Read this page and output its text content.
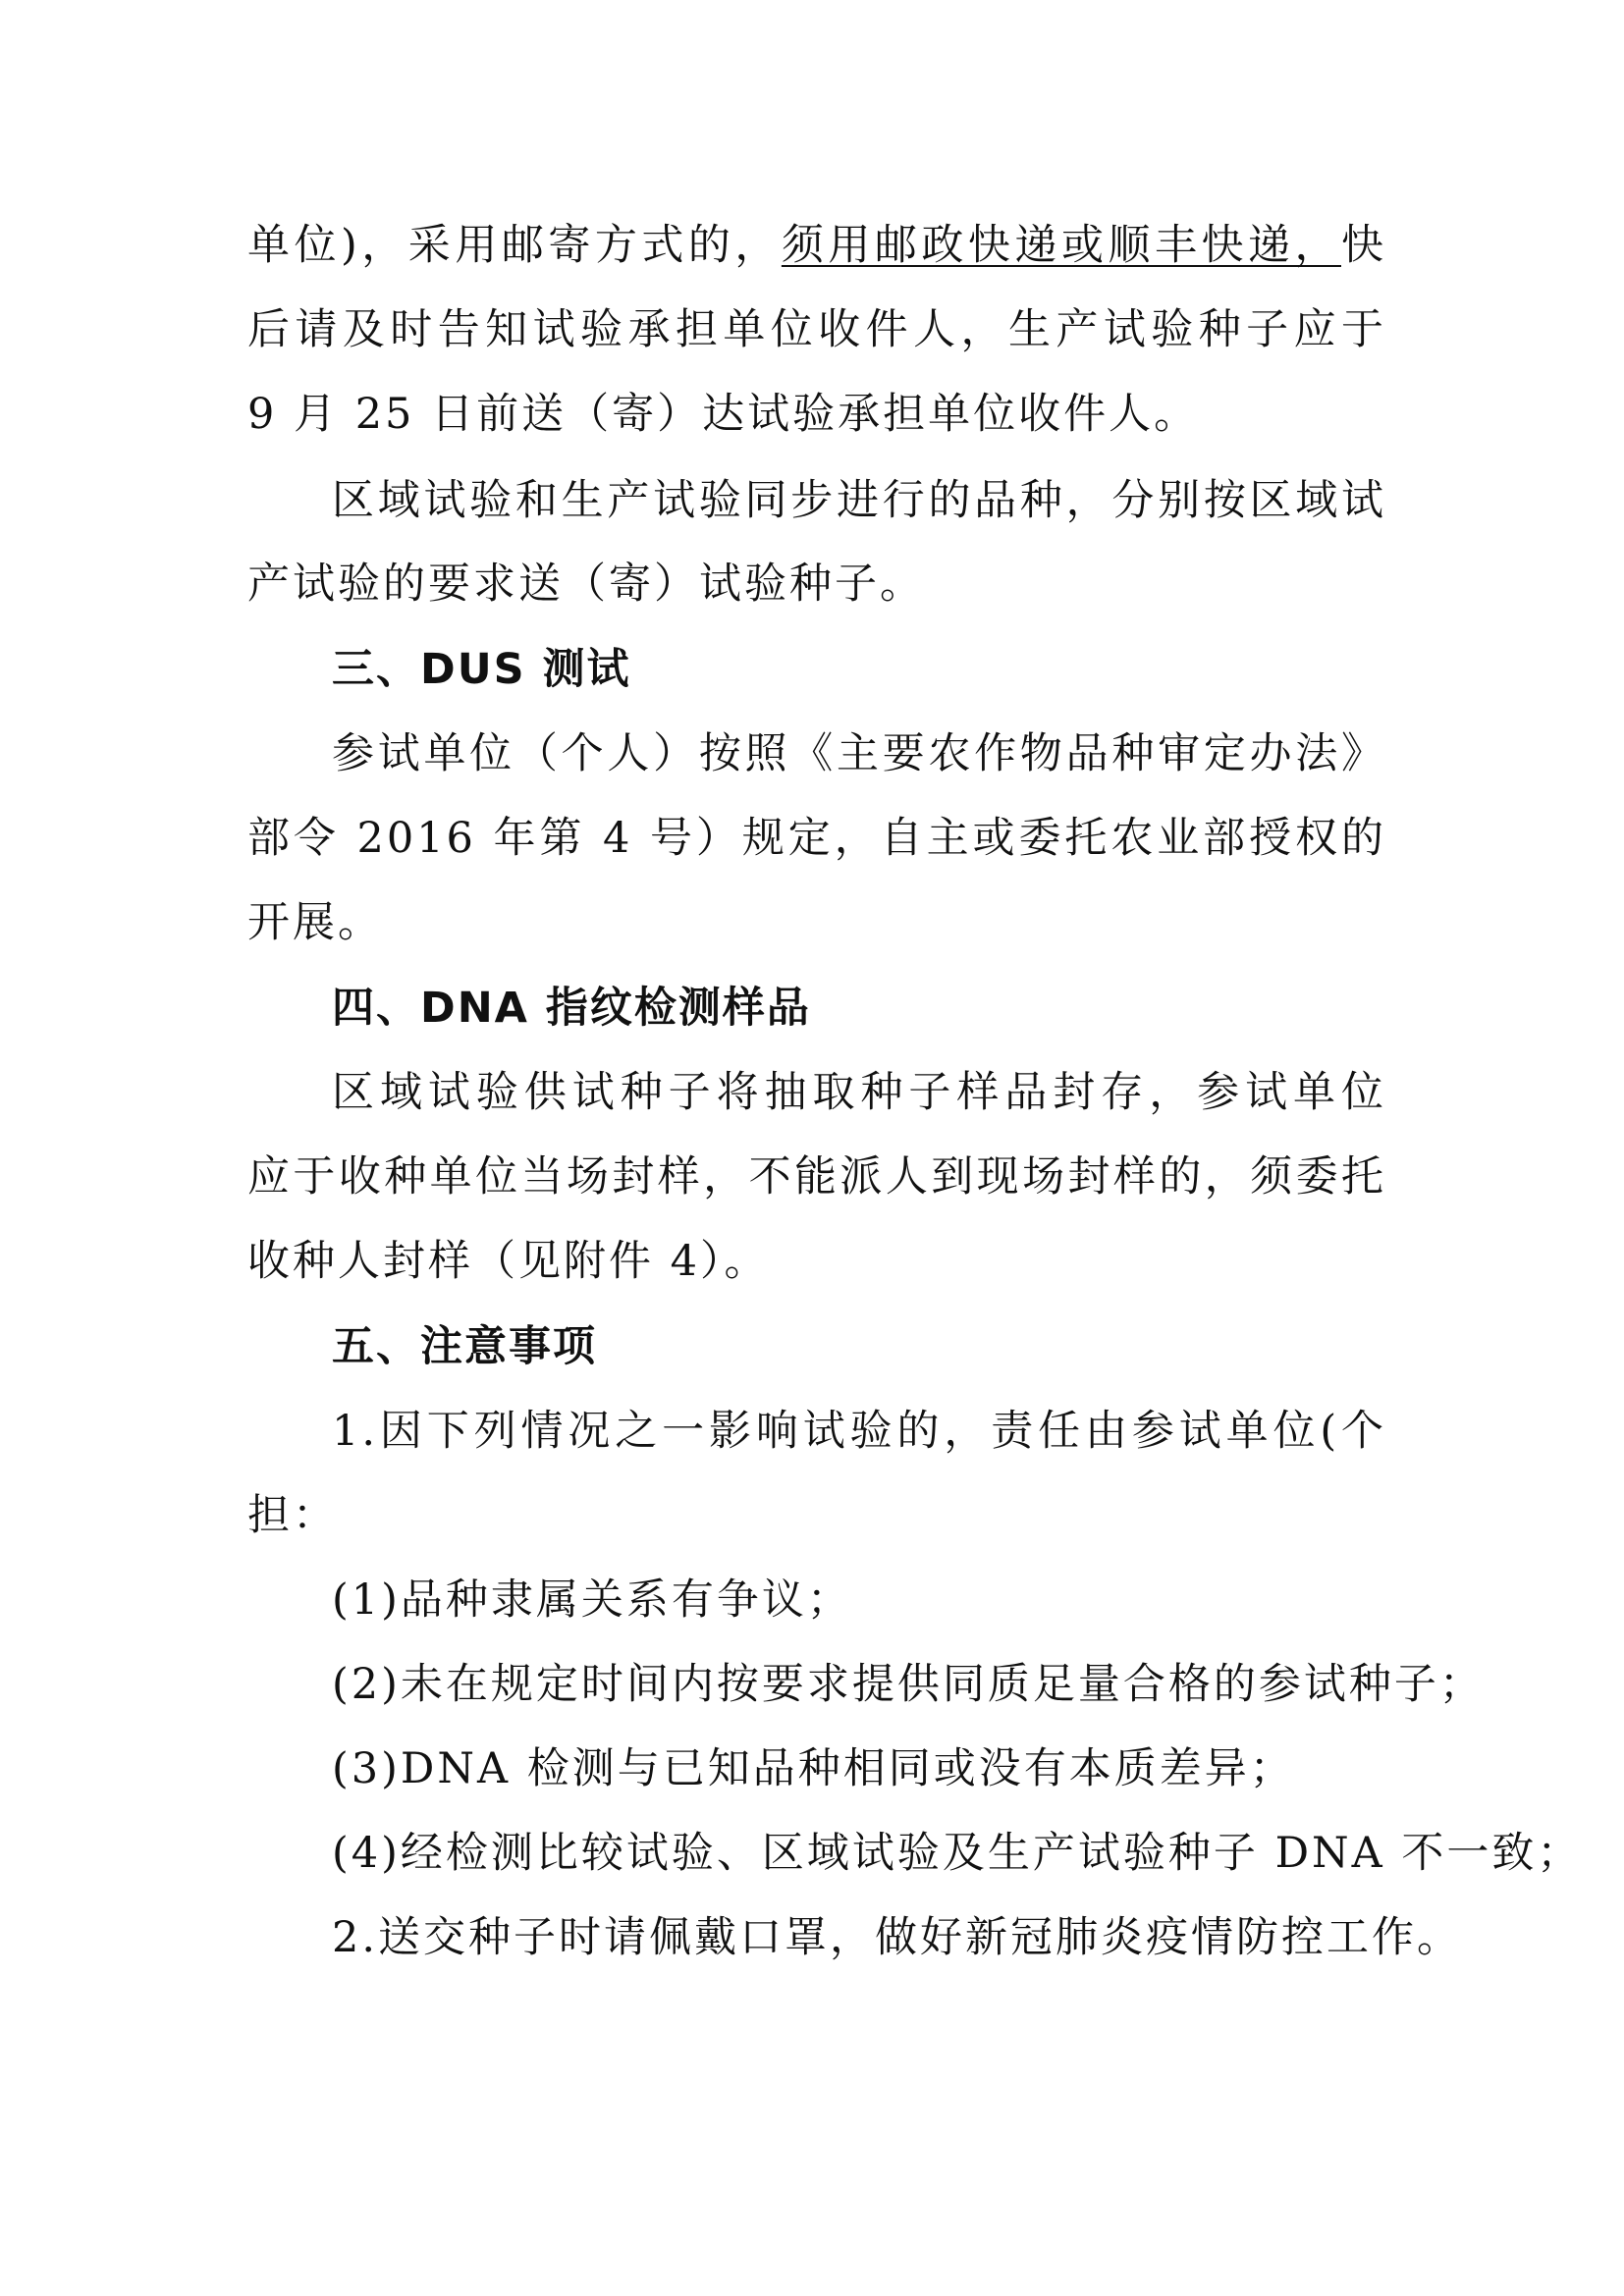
单位)，采用邮寄方式的，须用邮政快递或顺丰快递，快
后请及时告知试验承担单位收件人，生产试验种子应于
9 月 25 日前送（寄）达试验承担单位收件人。
区域试验和生产试验同步进行的品种，分别按区域试
产试验的要求送（寄）试验种子。
三、DUS 测试
参试单位（个人）按照《主要农作物品种审定办法》
部令 2016 年第 4 号）规定，自主或委托农业部授权的
开展。
四、DNA 指纹检测样品
区域试验供试种子将抽取种子样品封存，参试单位
应于收种单位当场封样，不能派人到现场封样的，须委托
收种人封样（见附件 4）。
五、注意事项
1.因下列情况之一影响试验的，责任由参试单位(个
担：
(1)品种隶属关系有争议；
(2)未在规定时间内按要求提供同质足量合格的参试种子；
(3)DNA 检测与已知品种相同或没有本质差异；
(4)经检测比较试验、区域试验及生产试验种子 DNA 不一致；
2.送交种子时请佩戴口罩，做好新冠肺炎疫情防控工作。
